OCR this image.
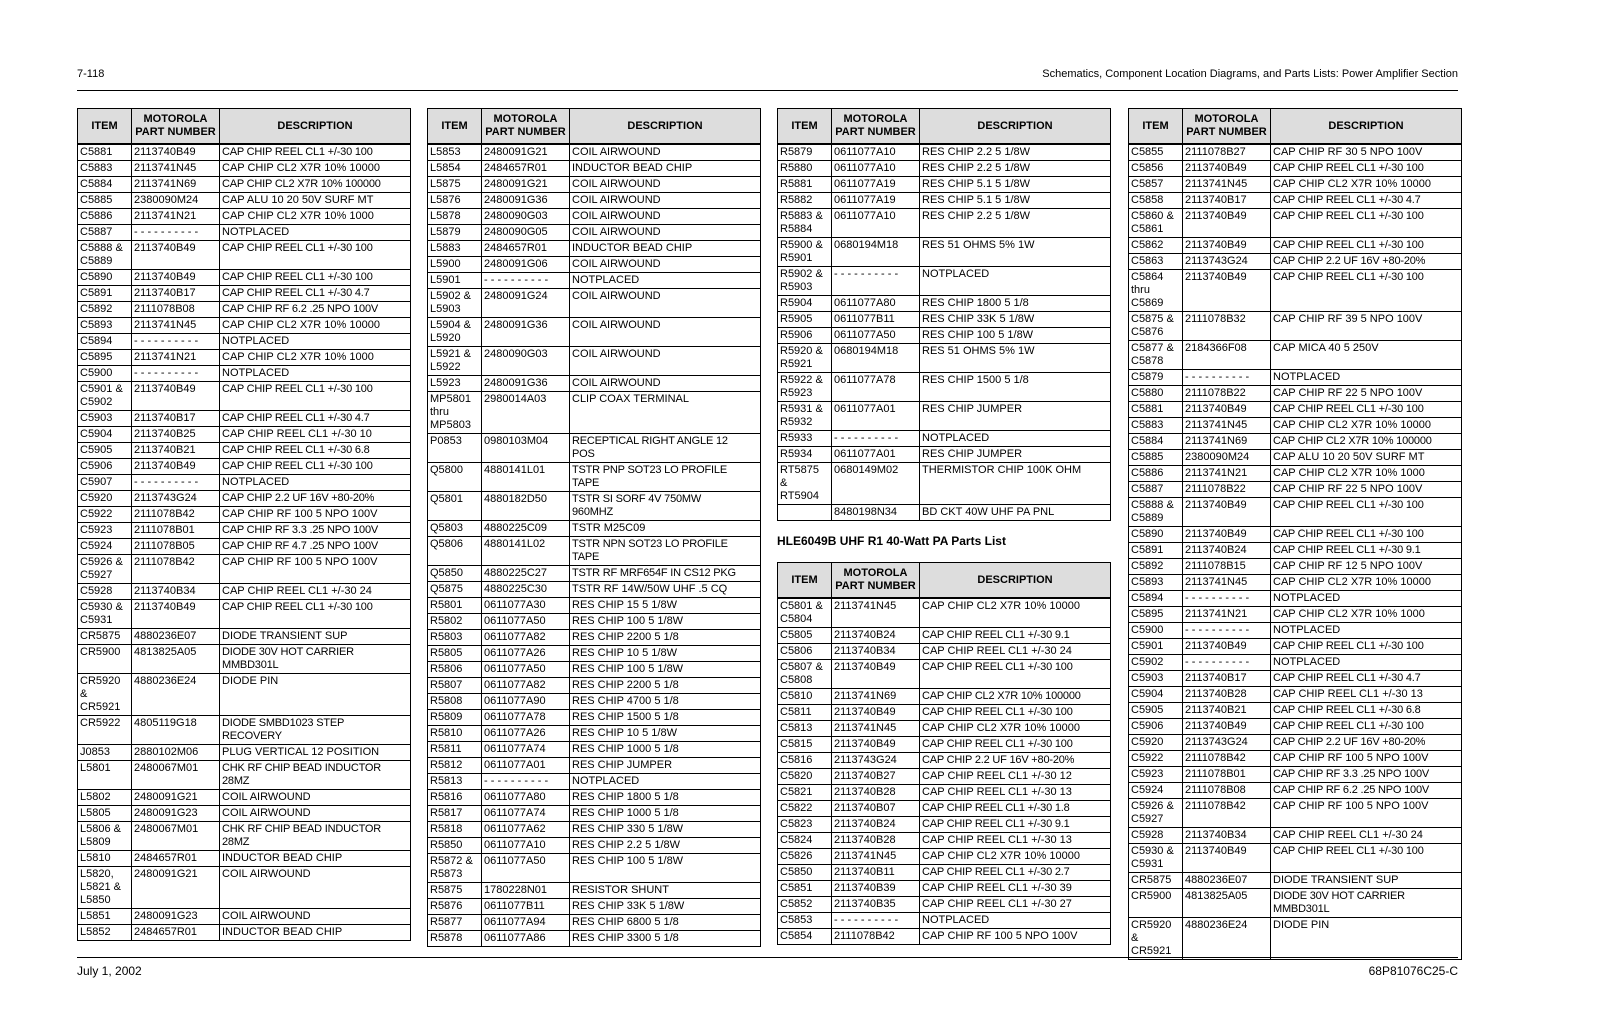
7-118	Schematics, Component Location Diagrams, and Parts Lists: Power Amplifier Section
ITEM	MOTOROLA
PART NUMBER	DESCRIPTION
C5881	2113740B49	CAP CHIP REEL CL1 +/-30 100
C5883	2113741N45	CAP CHIP CL2 X7R 10% 10000
C5884	2113741N69	CAP CHIP CL2 X7R 10% 100000
C5885	2380090M24	CAP ALU 10 20 50V SURF MT
C5886	2113741N21	CAP CHIP CL2 X7R 10% 1000
C5887	- - - - - - - - - -	NOTPLACED
C5888 &
C5889	2113740B49	CAP CHIP REEL CL1 +/-30 100
C5890	2113740B49	CAP CHIP REEL CL1 +/-30 100
C5891	2113740B17	CAP CHIP REEL CL1 +/-30 4.7
C5892	2111078B08	CAP CHIP RF 6.2 .25 NPO 100V
C5893	2113741N45	CAP CHIP CL2 X7R 10% 10000
C5894	- - - - - - - - - -	NOTPLACED
C5895	2113741N21	CAP CHIP CL2 X7R 10% 1000
C5900	- - - - - - - - - -	NOTPLACED
C5901 &
C5902	2113740B49	CAP CHIP REEL CL1 +/-30 100
C5903	2113740B17	CAP CHIP REEL CL1 +/-30 4.7
C5904	2113740B25	CAP CHIP REEL CL1 +/-30 10
C5905	2113740B21	CAP CHIP REEL CL1 +/-30 6.8
C5906	2113740B49	CAP CHIP REEL CL1 +/-30 100
C5907	- - - - - - - - - -	NOTPLACED
C5920	2113743G24	CAP CHIP 2.2 UF 16V +80-20%
C5922	2111078B42	CAP CHIP RF 100 5 NPO 100V
C5923	2111078B01	CAP CHIP RF 3.3 .25 NPO 100V
C5924	2111078B05	CAP CHIP RF 4.7 .25 NPO 100V
C5926 &
C5927	2111078B42	CAP CHIP RF 100 5 NPO 100V
C5928	2113740B34	CAP CHIP REEL CL1 +/-30 24
C5930 &
C5931	2113740B49	CAP CHIP REEL CL1 +/-30 100
CR5875	4880236E07	DIODE TRANSIENT SUP
CR5900	4813825A05	DIODE 30V HOT CARRIER
MMBD301L
CR5920
&
CR5921	4880236E24	DIODE PIN
CR5922	4805119G18	DIODE SMBD1023 STEP
RECOVERY
J0853	2880102M06	PLUG VERTICAL 12 POSITION
L5801	2480067M01	CHK RF CHIP BEAD INDUCTOR
28MZ
L5802	2480091G21	COIL AIRWOUND
L5805	2480091G23	COIL AIRWOUND
L5806 &
L5809	2480067M01	CHK RF CHIP BEAD INDUCTOR
28MZ
L5810	2484657R01	INDUCTOR BEAD CHIP
L5820,
L5821 &
L5850	2480091G21	COIL AIRWOUND
L5851	2480091G23	COIL AIRWOUND
L5852	2484657R01	INDUCTOR BEAD CHIP
ITEM	MOTOROLA
PART NUMBER	DESCRIPTION
L5853	2480091G21	COIL AIRWOUND
L5854	2484657R01	INDUCTOR BEAD CHIP
L5875	2480091G21	COIL AIRWOUND
L5876	2480091G36	COIL AIRWOUND
L5878	2480090G03	COIL AIRWOUND
L5879	2480090G05	COIL AIRWOUND
L5883	2484657R01	INDUCTOR BEAD CHIP
L5900	2480091G06	COIL AIRWOUND
L5901	- - - - - - - - - -	NOTPLACED
L5902 &
L5903	2480091G24	COIL AIRWOUND
L5904 &
L5920	2480091G36	COIL AIRWOUND
L5921 &
L5922	2480090G03	COIL AIRWOUND
L5923	2480091G36	COIL AIRWOUND
MP5801
thru
MP5803	2980014A03	CLIP COAX TERMINAL
P0853	0980103M04	RECEPTICAL RIGHT ANGLE 12
POS
Q5800	4880141L01	TSTR PNP SOT23 LO PROFILE
TAPE
Q5801	4880182D50	TSTR SI SORF 4V 750MW
960MHZ
Q5803	4880225C09	TSTR M25C09
Q5806	4880141L02	TSTR NPN SOT23 LO PROFILE
TAPE
Q5850	4880225C27	TSTR RF MRF654F IN CS12 PKG
Q5875	4880225C30	TSTR RF 14W/50W UHF .5 CQ
R5801	0611077A30	RES CHIP 15 5 1/8W
R5802	0611077A50	RES CHIP 100 5 1/8W
R5803	0611077A82	RES CHIP 2200 5 1/8
R5805	0611077A26	RES CHIP 10 5 1/8W
R5806	0611077A50	RES CHIP 100 5 1/8W
R5807	0611077A82	RES CHIP 2200 5 1/8
R5808	0611077A90	RES CHIP 4700 5 1/8
R5809	0611077A78	RES CHIP 1500 5 1/8
R5810	0611077A26	RES CHIP 10 5 1/8W
R5811	0611077A74	RES CHIP 1000 5 1/8
R5812	0611077A01	RES CHIP JUMPER
R5813	- - - - - - - - - -	NOTPLACED
R5816	0611077A80	RES CHIP 1800 5 1/8
R5817	0611077A74	RES CHIP 1000 5 1/8
R5818	0611077A62	RES CHIP 330 5 1/8W
R5850	0611077A10	RES CHIP 2.2 5 1/8W
R5872 &
R5873	0611077A50	RES CHIP 100 5 1/8W
R5875	1780228N01	RESISTOR SHUNT
R5876	0611077B11	RES CHIP 33K 5 1/8W
R5877	0611077A94	RES CHIP 6800 5 1/8
R5878	0611077A86	RES CHIP 3300 5 1/8
ITEM	MOTOROLA
PART NUMBER	DESCRIPTION
R5879	0611077A10	RES CHIP 2.2 5 1/8W
R5880	0611077A10	RES CHIP 2.2 5 1/8W
R5881	0611077A19	RES CHIP 5.1 5 1/8W
R5882	0611077A19	RES CHIP 5.1 5 1/8W
R5883 &
R5884	0611077A10	RES CHIP 2.2 5 1/8W
R5900 &
R5901	0680194M18	RES 51 OHMS 5% 1W
R5902 &
R5903	- - - - - - - - - -	NOTPLACED
R5904	0611077A80	RES CHIP 1800 5 1/8
R5905	0611077B11	RES CHIP 33K 5 1/8W
R5906	0611077A50	RES CHIP 100 5 1/8W
R5920 &
R5921	0680194M18	RES 51 OHMS 5% 1W
R5922 &
R5923	0611077A78	RES CHIP 1500 5 1/8
R5931 &
R5932	0611077A01	RES CHIP JUMPER
R5933	- - - - - - - - - -	NOTPLACED
R5934	0611077A01	RES CHIP JUMPER
RT5875
&
RT5904	0680149M02	THERMISTOR CHIP 100K OHM
	8480198N34	BD CKT 40W UHF PA PNL
HLE6049B UHF R1 40-Watt PA Parts List
ITEM	MOTOROLA
PART NUMBER	DESCRIPTION
C5801 &
C5804	2113741N45	CAP CHIP CL2 X7R 10% 10000
C5805	2113740B24	CAP CHIP REEL CL1 +/-30 9.1
C5806	2113740B34	CAP CHIP REEL CL1 +/-30 24
C5807 &
C5808	2113740B49	CAP CHIP REEL CL1 +/-30 100
C5810	2113741N69	CAP CHIP CL2 X7R 10% 100000
C5811	2113740B49	CAP CHIP REEL CL1 +/-30 100
C5813	2113741N45	CAP CHIP CL2 X7R 10% 10000
C5815	2113740B49	CAP CHIP REEL CL1 +/-30 100
C5816	2113743G24	CAP CHIP 2.2 UF 16V +80-20%
C5820	2113740B27	CAP CHIP REEL CL1 +/-30 12
C5821	2113740B28	CAP CHIP REEL CL1 +/-30 13
C5822	2113740B07	CAP CHIP REEL CL1 +/-30 1.8
C5823	2113740B24	CAP CHIP REEL CL1 +/-30 9.1
C5824	2113740B28	CAP CHIP REEL CL1 +/-30 13
C5826	2113741N45	CAP CHIP CL2 X7R 10% 10000
C5850	2113740B11	CAP CHIP REEL CL1 +/-30 2.7
C5851	2113740B39	CAP CHIP REEL CL1 +/-30 39
C5852	2113740B35	CAP CHIP REEL CL1 +/-30 27
C5853	- - - - - - - - - -	NOTPLACED
C5854	2111078B42	CAP CHIP RF 100 5 NPO 100V
ITEM	MOTOROLA
PART NUMBER	DESCRIPTION
C5855	2111078B27	CAP CHIP RF 30 5 NPO 100V
C5856	2113740B49	CAP CHIP REEL CL1 +/-30 100
C5857	2113741N45	CAP CHIP CL2 X7R 10% 10000
C5858	2113740B17	CAP CHIP REEL CL1 +/-30 4.7
C5860 &
C5861	2113740B49	CAP CHIP REEL CL1 +/-30 100
C5862	2113740B49	CAP CHIP REEL CL1 +/-30 100
C5863	2113743G24	CAP CHIP 2.2 UF 16V +80-20%
C5864
thru
C5869	2113740B49	CAP CHIP REEL CL1 +/-30 100
C5875 &
C5876	2111078B32	CAP CHIP RF 39 5 NPO 100V
C5877 &
C5878	2184366F08	CAP MICA 40 5 250V
C5879	- - - - - - - - - -	NOTPLACED
C5880	2111078B22	CAP CHIP RF 22 5 NPO 100V
C5881	2113740B49	CAP CHIP REEL CL1 +/-30 100
C5883	2113741N45	CAP CHIP CL2 X7R 10% 10000
C5884	2113741N69	CAP CHIP CL2 X7R 10% 100000
C5885	2380090M24	CAP ALU 10 20 50V SURF MT
C5886	2113741N21	CAP CHIP CL2 X7R 10% 1000
C5887	2111078B22	CAP CHIP RF 22 5 NPO 100V
C5888 &
C5889	2113740B49	CAP CHIP REEL CL1 +/-30 100
C5890	2113740B49	CAP CHIP REEL CL1 +/-30 100
C5891	2113740B24	CAP CHIP REEL CL1 +/-30 9.1
C5892	2111078B15	CAP CHIP RF 12 5 NPO 100V
C5893	2113741N45	CAP CHIP CL2 X7R 10% 10000
C5894	- - - - - - - - - -	NOTPLACED
C5895	2113741N21	CAP CHIP CL2 X7R 10% 1000
C5900	- - - - - - - - - -	NOTPLACED
C5901	2113740B49	CAP CHIP REEL CL1 +/-30 100
C5902	- - - - - - - - - -	NOTPLACED
C5903	2113740B17	CAP CHIP REEL CL1 +/-30 4.7
C5904	2113740B28	CAP CHIP REEL CL1 +/-30 13
C5905	2113740B21	CAP CHIP REEL CL1 +/-30 6.8
C5906	2113740B49	CAP CHIP REEL CL1 +/-30 100
C5920	2113743G24	CAP CHIP 2.2 UF 16V +80-20%
C5922	2111078B42	CAP CHIP RF 100 5 NPO 100V
C5923	2111078B01	CAP CHIP RF 3.3 .25 NPO 100V
C5924	2111078B08	CAP CHIP RF 6.2 .25 NPO 100V
C5926 &
C5927	2111078B42	CAP CHIP RF 100 5 NPO 100V
C5928	2113740B34	CAP CHIP REEL CL1 +/-30 24
C5930 &
C5931	2113740B49	CAP CHIP REEL CL1 +/-30 100
CR5875	4880236E07	DIODE TRANSIENT SUP
CR5900	4813825A05	DIODE 30V HOT CARRIER
MMBD301L
CR5920 &
CR5921	4880236E24	DIODE PIN
July 1, 2002	68P81076C25-C
